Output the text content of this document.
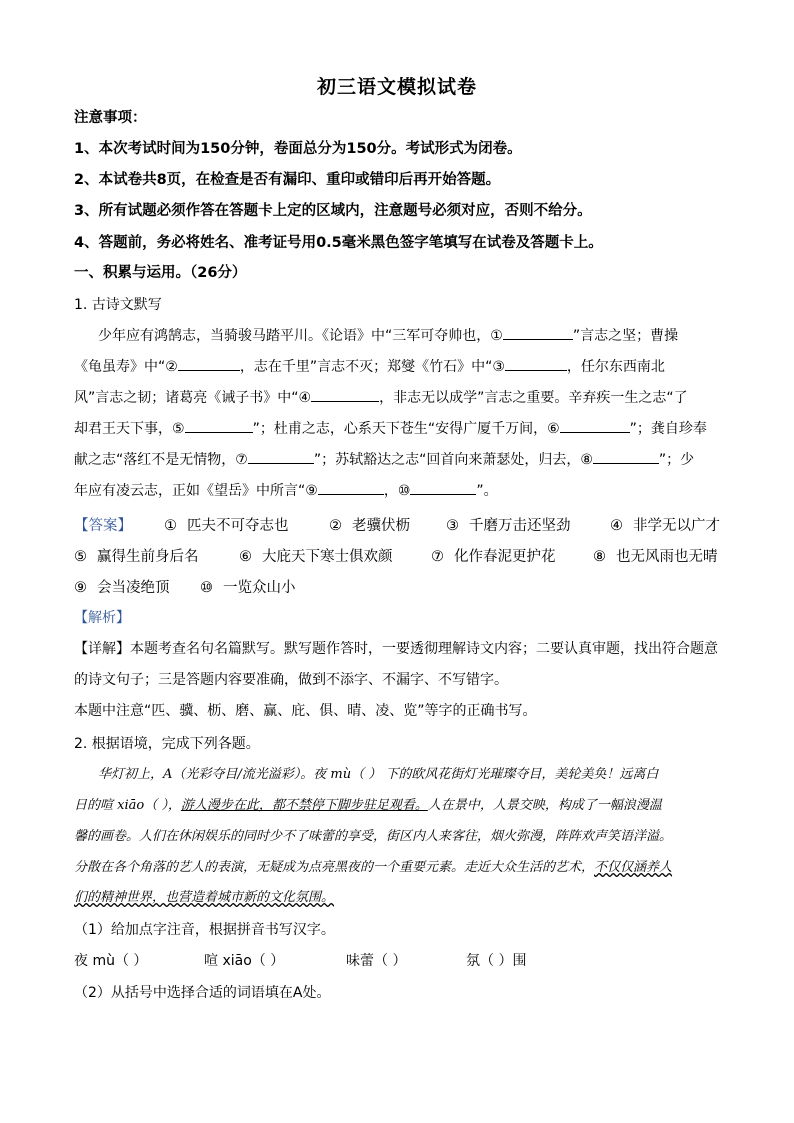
初三语文模拟试卷
注意事项：
1、本次考试时间为150分钟，卷面总分为150分。考试形式为闭卷。
2、本试卷共8页，在检查是否有漏印、重印或错印后再开始答题。
3、所有试题必须作答在答题卡上定的区域内，注意题号必须对应，否则不给分。
4、答题前，务必将姓名、准考证号用0.5毫米黑色签字笔填写在试卷及答题卡上。
一、积累与运用。（26分）
1. 古诗文默写
少年应有鸿鹄志，当骑骏马踏平川。《论语》中“三军可夺帅也，①	”言志之坚；曹操
《龟虽寿》中“②	，志在千里”言志不灭；郑燮《竹石》中“③	，任尔东西南北
风”言志之韧；诸葛亮《诫子书》中“④	，非志无以成学”言志之重要。辛弃疾一生之志“了
却君王天下事，⑤	”；杜甫之志，心系天下苍生“安得广厦千万间，⑥	”；龚自珍奉
献之志“落红不是无情物，⑦	”；苏轼豁达之志“回首向来萧瑟处，归去，⑧	”；少
年应有凌云志，正如《望岳》中所言“⑨	，⑩	”。
【答案】 ① 匹夫不可夺志也	② 老骥伏枥 ③ 千磨万击还坚劲	④ 非学无以广才
⑤ 赢得生前身后名	⑥ 大庇天下寒士俱欢颜	⑦ 化作春泥更护花	⑧ 也无风雨也无晴
⑨ 会当凌绝顶 ⑩ 一览众山小
【解析】
【详解】本题考查名句名篇默写。默写题作答时，一要透彻理解诗文内容；二要认真审题，找出符合题意
的诗文句子；三是答题内容要准确，做到不添字、不漏字、不写错字。
本题中注意“匹、骥、枥、磨、赢、庇、俱、晴、凌、览”等字的正确书写。
2. 根据语境，完成下列各题。
华灯初上，A（光彩夺目/流光溢彩）。夜 mù（ ） 下的欧风花街灯光璀璨夺目，美轮美奂！远离白
日的喧 xiāo（ ），游人漫步在此，都不禁停下脚步驻足观看。人在景中，人景交映，构成了一幅浪漫温
馨的画卷。人们在休闲娱乐的同时少不了味蕾的享受，街区内人来客往，烟火弥漫，阵阵欢声笑语洋溢。
分散在各个角落的艺人的表演，无疑成为点亮黑夜的一个重要元素。走近大众生活的艺术，不仅仅涵养人
们的精神世界，也营造着城市新的文化氛围。
（1）给加点字注音，根据拼音书写汉字。
夜 mù（ ）	喧 xiāo（ ）	味蕾（ ）	氛（ ）围
（2）从括号中选择合适的词语填在A处。
